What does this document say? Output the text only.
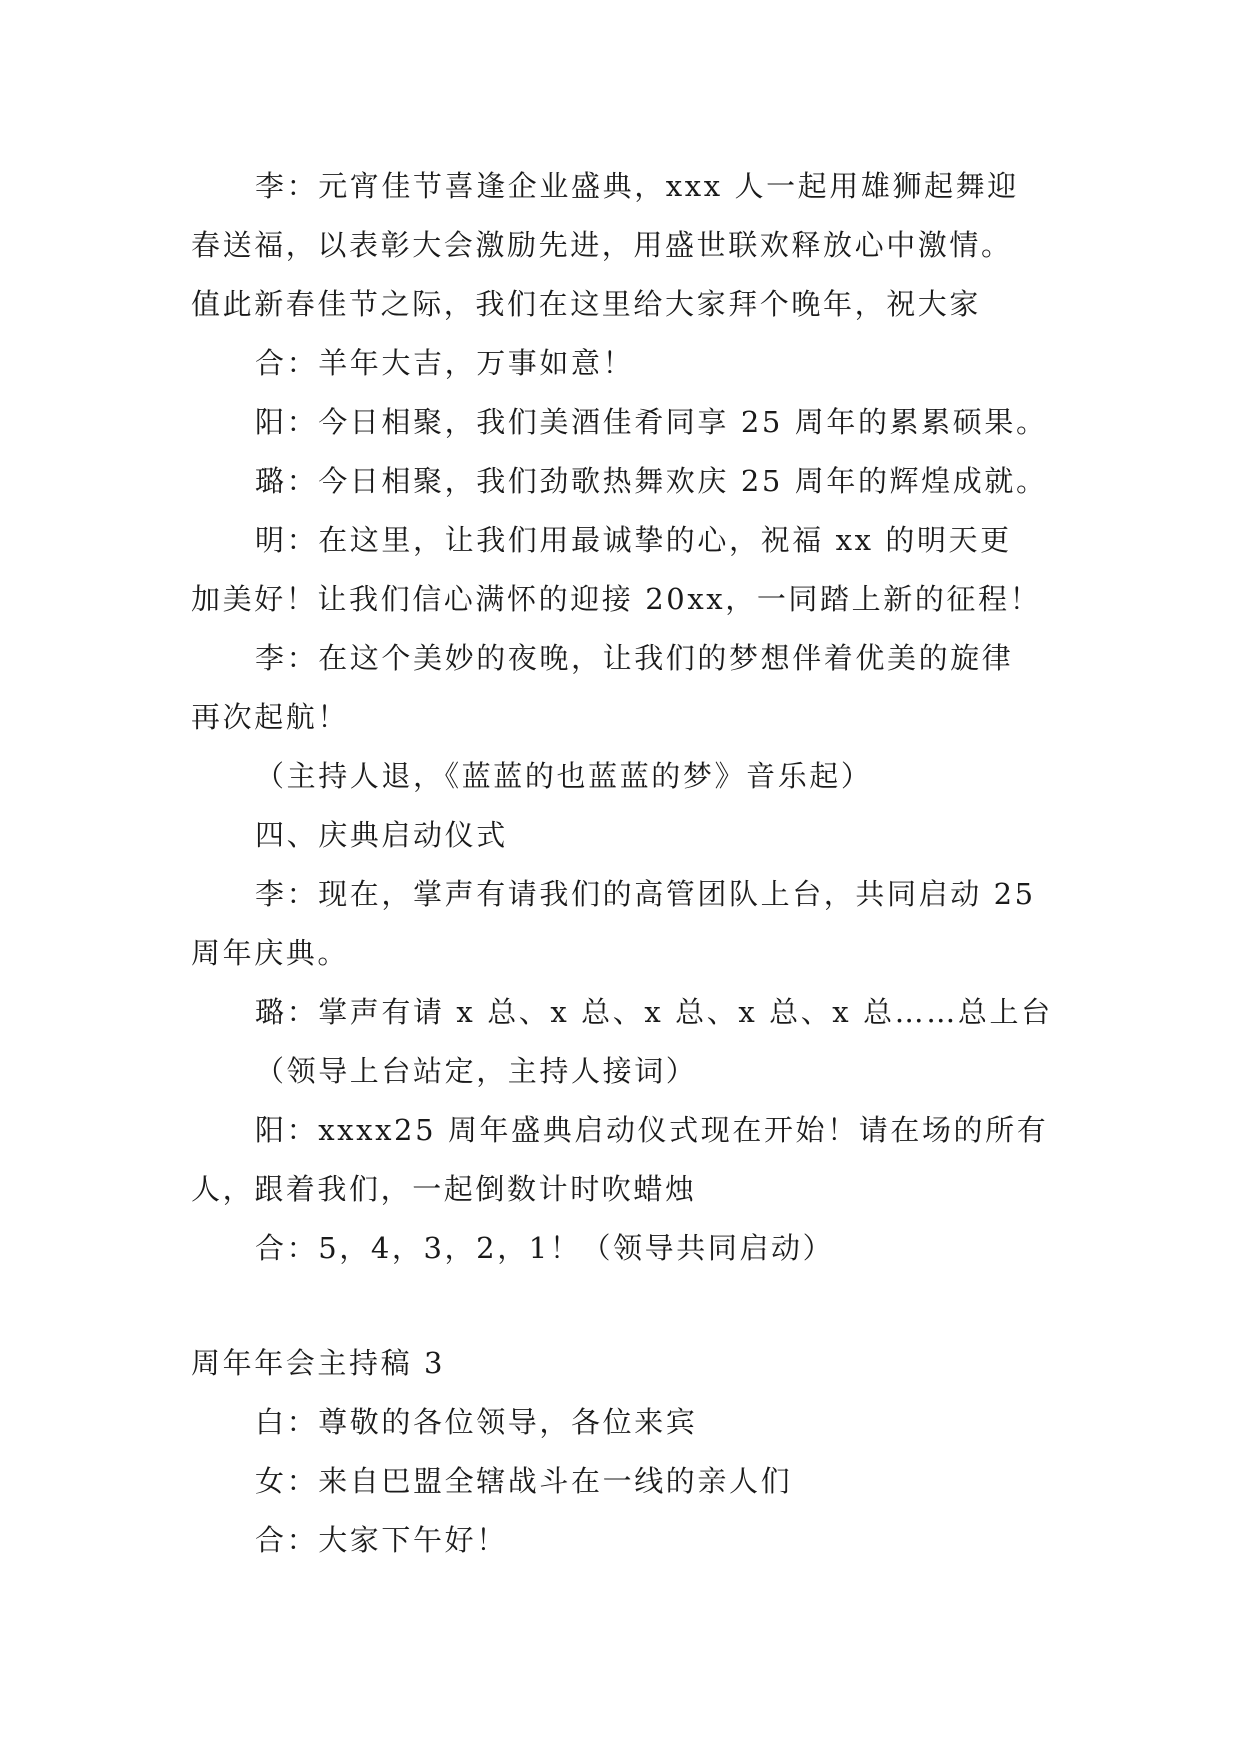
李：元宵佳节喜逢企业盛典，xxx 人一起用雄狮起舞迎
春送福，以表彰大会激励先进，用盛世联欢释放心中激情。
值此新春佳节之际，我们在这里给大家拜个晚年，祝大家
合：羊年大吉，万事如意！
阳：今日相聚，我们美酒佳肴同享 25 周年的累累硕果。
璐：今日相聚，我们劲歌热舞欢庆 25 周年的辉煌成就。
明：在这里，让我们用最诚挚的心，祝福 xx 的明天更
加美好！让我们信心满怀的迎接 20xx，一同踏上新的征程！
李：在这个美妙的夜晚，让我们的梦想伴着优美的旋律
再次起航！
（主持人退，《蓝蓝的也蓝蓝的梦》音乐起）
四、庆典启动仪式
李：现在，掌声有请我们的高管团队上台，共同启动 25
周年庆典。
璐：掌声有请 x 总、x 总、x 总、x 总、x 总……总上台
（领导上台站定，主持人接词）
阳：xxxx25 周年盛典启动仪式现在开始！请在场的所有
人，跟着我们，一起倒数计时吹蜡烛
合：5，4，3，2，1！（领导共同启动）
周年年会主持稿 3
白：尊敬的各位领导，各位来宾
女：来自巴盟全辖战斗在一线的亲人们
合：大家下午好！
